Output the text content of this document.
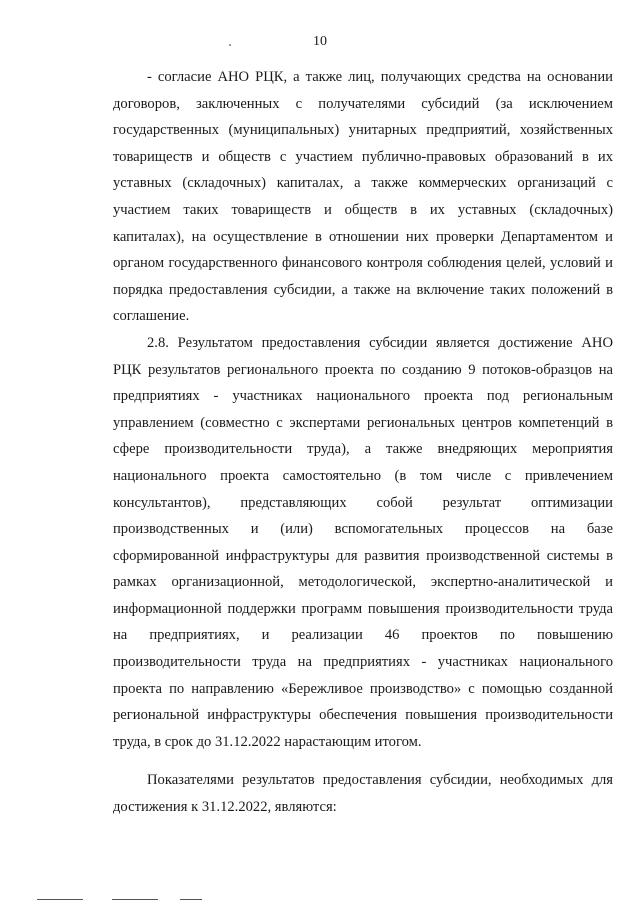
10

- согласие АНО РЦК, а также лиц, получающих средства на основании договоров, заключенных с получателями субсидий (за исключением государственных (муниципальных) унитарных предприятий, хозяйственных товариществ и обществ с участием публично-правовых образований в их уставных (складочных) капиталах, а также коммерческих организаций с участием таких товариществ и обществ в их уставных (складочных) капиталах), на осуществление в отношении них проверки Департаментом и органом государственного финансового контроля соблюдения целей, условий и порядка предоставления субсидии, а также на включение таких положений в соглашение.

2.8. Результатом предоставления субсидии является достижение АНО РЦК результатов регионального проекта по созданию 9 потоков-образцов на предприятиях - участниках национального проекта под региональным управлением (совместно с экспертами региональных центров компетенций в сфере производительности труда), а также внедряющих мероприятия национального проекта самостоятельно (в том числе с привлечением консультантов), представляющих собой результат оптимизации производственных и (или) вспомогательных процессов на базе сформированной инфраструктуры для развития производственной системы в рамках организационной, методологической, экспертно-аналитической и информационной поддержки программ повышения производительности труда на предприятиях, и реализации 46 проектов по повышению производительности труда на предприятиях - участниках национального проекта по направлению «Бережливое производство» с помощью созданной региональной инфраструктуры обеспечения повышения производительности труда, в срок до 31.12.2022 нарастающим итогом.

Показателями результатов предоставления субсидии, необходимых для достижения к 31.12.2022, являются:
